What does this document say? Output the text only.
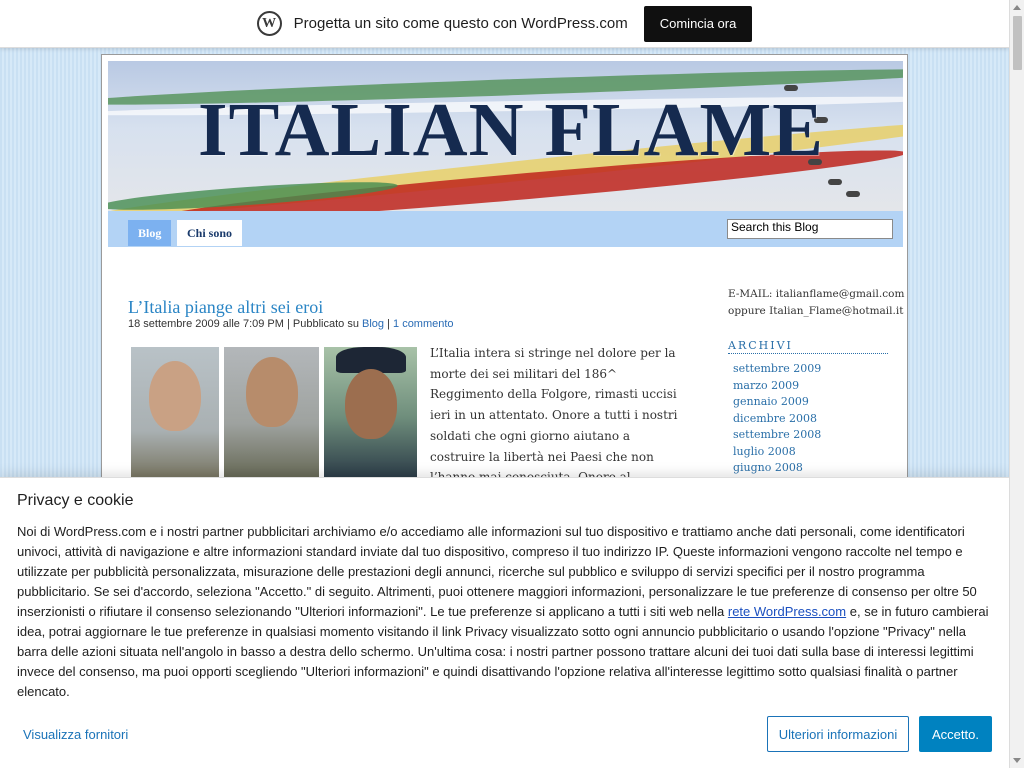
W	Progetta un sito come questo con WordPress.com	Comincia ora
ITALIAN FLAME
Blog	Chi sono	Search this Blog
L’Italia piange altri sei eroi
18 settembre 2009 alle 7:09 PM | Pubblicato su Blog | 1 commento
L’Italia intera si stringe nel dolore per la morte dei sei militari del 186^ Reggimento della Folgore, rimasti uccisi ieri in un attentato. Onore a tutti i nostri soldati che ogni giorno aiutano a costruire la libertà nei Paesi che non
E-MAIL: italianflame@gmail.com
oppure Italian_Flame@hotmail.it
ARCHIVI
settembre 2009
marzo 2009
gennaio 2009
dicembre 2008
settembre 2008
luglio 2008
giugno 2008
Privacy e cookie
Noi di WordPress.com e i nostri partner pubblicitari archiviamo e/o accediamo alle informazioni sul tuo dispositivo e trattiamo anche dati personali, come identificatori univoci, attività di navigazione e altre informazioni standard inviate dal tuo dispositivo, compreso il tuo indirizzo IP. Queste informazioni vengono raccolte nel tempo e utilizzate per pubblicità personalizzata, misurazione delle prestazioni degli annunci, ricerche sul pubblico e sviluppo di servizi specifici per il nostro programma pubblicitario. Se sei d'accordo, seleziona "Accetto." di seguito. Altrimenti, puoi ottenere maggiori informazioni, personalizzare le tue preferenze di consenso per oltre 50 inserzionisti o rifiutare il consenso selezionando "Ulteriori informazioni". Le tue preferenze si applicano a tutti i siti web nella rete WordPress.com e, se in futuro cambierai idea, potrai aggiornare le tue preferenze in qualsiasi momento visitando il link Privacy visualizzato sotto ogni annuncio pubblicitario o usando l'opzione "Privacy" nella barra delle azioni situata nell'angolo in basso a destra dello schermo. Un'ultima cosa: i nostri partner possono trattare alcuni dei tuoi dati sulla base di interessi legittimi invece del consenso, ma puoi opporti scegliendo "Ulteriori informazioni" e quindi disattivando l'opzione relativa all'interesse legittimo sotto qualsiasi finalità o partner elencato.
Visualizza fornitori	Ulteriori informazioni	Accetto.
